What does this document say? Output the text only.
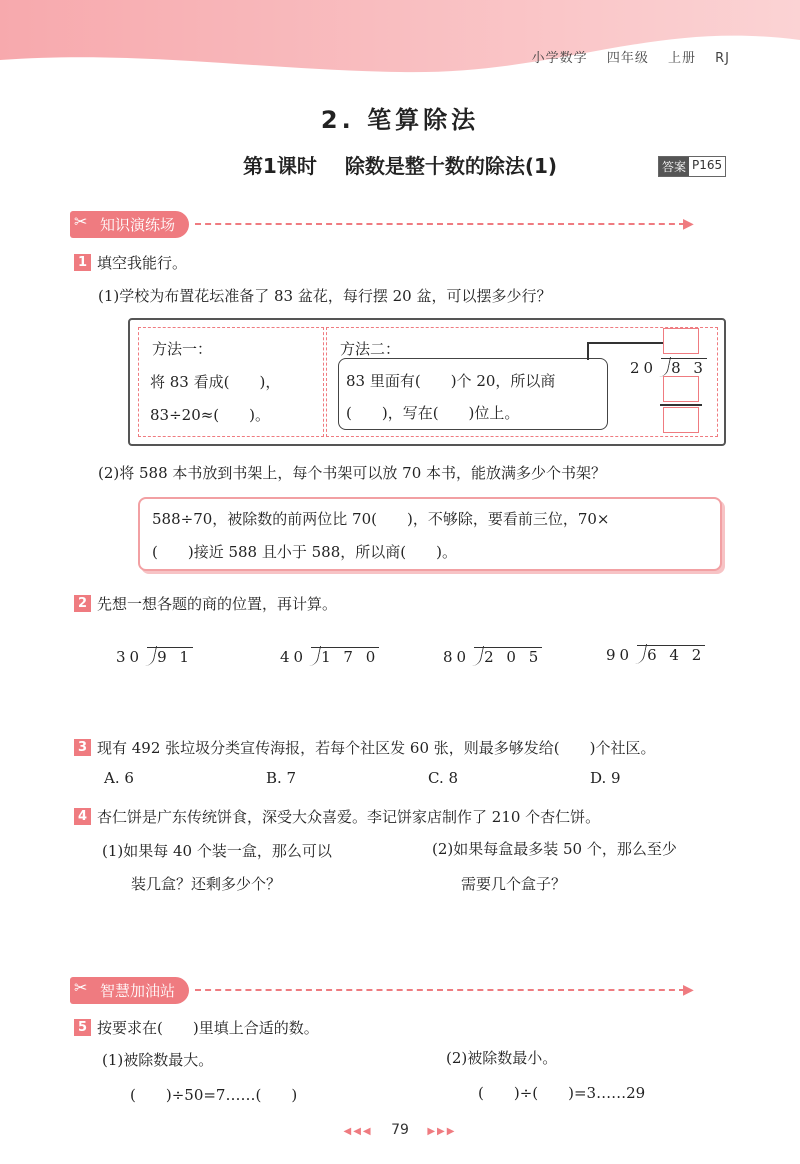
小学数学 四年级 上册 RJ
2. 笔算除法
第1课时 除数是整十数的除法(1)	答案 P165
✂ 知识演练场	▶
1 填空我能行。
(1)学校为布置花坛准备了 83 盆花，每行摆 20 盆，可以摆多少行？
方法一：
将 83 看成(　　)，
83÷20≈(　　)。
方法二：
83 里面有(　　)个 20，所以商
(　　)，写在(　　)位上。
20 8 3
(2)将 588 本书放到书架上，每个书架可以放 70 本书，能放满多少个书架？
588÷70，被除数的前两位比 70(　　)，不够除，要看前三位，70×
(　　)接近 588 且小于 588，所以商(　　)。
2 先想一想各题的商的位置，再计算。
30 9 1	40 1 7 0	80 2 0 5	90 6 4 2
3 现有 492 张垃圾分类宣传海报，若每个社区发 60 张，则最多够发给(　　)个社区。
A. 6	B. 7	C. 8	D. 9
4 杏仁饼是广东传统饼食，深受大众喜爱。李记饼家店制作了 210 个杏仁饼。
(1)如果每 40 个装一盒，那么可以
装几盒？还剩多少个？
(2)如果每盒最多装 50 个，那么至少
需要几个盒子？
✂ 智慧加油站	▶
5 按要求在(　　)里填上合适的数。
(1)被除数最大。	(2)被除数最小。
(　　)÷50=7……(　　)	(　　)÷(　　)=3……29
◀◀◀ 79 ▶▶▶
